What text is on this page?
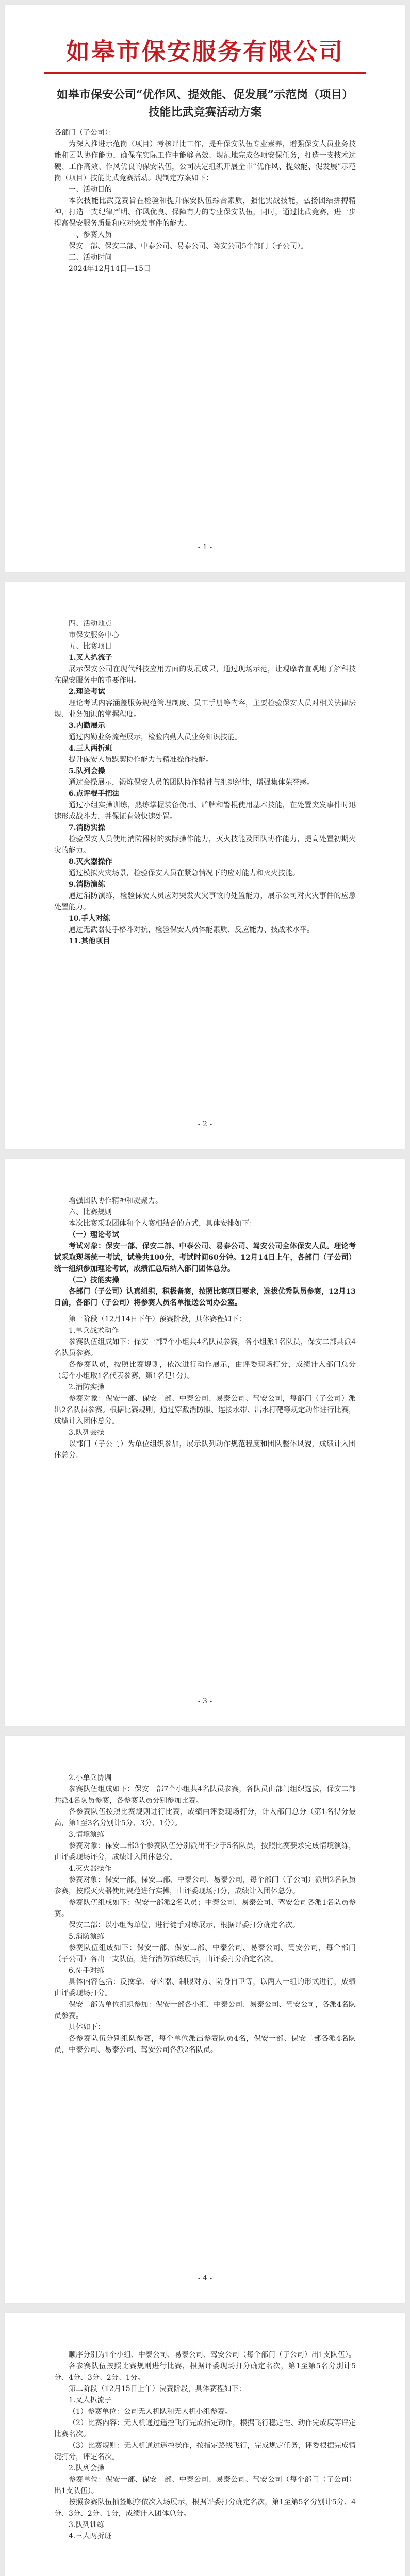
如皋市保安服务有限公司

如皋市保安公司“优作风、提效能、促发展”示范岗（项目）技能比武竞赛活动方案

各部门（子公司）：

为深入推进示范岗（项目）考核评比工作，提升保安队伍专业素养，增强保安人员业务技能和团队协作能力，确保在实际工作中能够高效、规范地完成各项安保任务，打造一支技术过硬、工作高效、作风优良的保安队伍，公司决定组织开展全市“优作风、提效能、促发展”示范岗（项目）技能比武竞赛活动。现制定方案如下：

一、活动目的

本次技能比武竞赛旨在检验和提升保安队伍综合素质，强化实战技能，弘扬团结拼搏精神，打造一支纪律严明、作风优良、保障有力的专业保安队伍，同时，通过比武竞赛，进一步提高保安服务质量和应对突发事件的能力。

二、参赛人员

保安一部、保安二部、中泰公司、易泰公司、驾安公司5个部门（子公司）。

三、活动时间

2024年12月14日—15日

- 1 -

四、活动地点

市保安服务中心

五、比赛项目

1.叉人扒流子

展示保安公司在现代科技应用方面的发展成果，通过现场示范，让观摩者直观地了解科技在保安服务中的重要作用。

2.理论考试

理论考试内容涵盖服务规范管理制度、员工手册等内容，主要检验保安人员对相关法律法规、业务知识的掌握程度。

3.内勤展示

通过内勤业务流程展示，检验内勤人员业务知识技能。

4.三人两折班

提升保安人员默契协作能力与精准操作技能。

5.队列会操

通过会操展示，锻炼保安人员的团队协作精神与组织纪律，增强集体荣誉感。

6.点评棍手把法

通过小组实操训练，熟练掌握装备使用、盾牌和警棍使用基本技能，在处置突发事件时迅速形成战斗力，并保证有效快速处置。

7.消防实操

检验保安人员使用消防器材的实际操作能力，灭火技能及团队协作能力，提高处置初期火灾的能力。

8.灭火器操作

通过模拟火灾场景，检验保安人员在紧急情况下的应对能力和灭火技能。

9.消防演练

通过消防演练，检验保安人员应对突发火灾事故的处置能力，展示公司对火灾事件的应急处置能力。

10.手人对练

通过无武器徒手格斗对抗，检验保安人员体能素质、反应能力、技战术水平。

11.其他项目

- 2 -

增强团队协作精神和凝聚力。

六、比赛规则

本次比赛采取团体和个人赛相结合的方式，具体安排如下：

（一）理论考试

考试对象：保安一部、保安二部、中泰公司、易泰公司、驾安公司全体保安人员。理论考试采取现场统一考试，试卷共100分，考试时间60分钟。12月14日上午，各部门（子公司）统一组织参加理论考试，成绩汇总后纳入部门团体总分。

（二）技能实操

各部门（子公司）认真组织，积极备赛，按照比赛项目要求，选拔优秀队员参赛，12月13日前，各部门（子公司）将参赛人员名单报送公司办公室。

第一阶段（12月14日下午）预赛阶段，具体赛程如下：

1.单兵战术动作

参赛队伍组成如下：保安一部7个小组共4名队员参赛，各小组派1名队员，保安二部共派4名队员参赛。

各参赛队员，按照比赛规则，依次进行动作展示，由评委现场打分，成绩计入部门总分（每个小组取1名代表参赛，第1名记1分）。

2.消防实操

参赛对象：保安一部、保安二部、中泰公司、易泰公司、驾安公司，每部门（子公司）派出2名队员参赛。根据比赛规则，通过穿戴消防服、连接水带、出水打靶等规定动作进行比赛，成绩计入团体总分。

3.队列会操

以部门（子公司）为单位组织参加，展示队列动作规范程度和团队整体风貌，成绩计入团体总分。

- 3 -

2.小单兵协调

参赛队伍组成如下：保安一部7个小组共4名队员参赛，各队员由部门组织选拔，保安二部共派4名队员参赛，各参赛队员分别参加比赛。

各参赛队伍按照比赛规则进行比赛，成绩由评委现场打分，计入部门总分（第1名得分最高，第1至3名分别计5分、3分、1分）。

3.情境演练

参赛对象：保安二部3个参赛队伍分别派出不少于5名队员，按照比赛要求完成情境演练，由评委现场评分，成绩计入团体总分。

4.灭火器操作

参赛对象：保安一部、保安二部、中泰公司、易泰公司，每个部门（子公司）派出2名队员参赛，按照灭火器使用规范进行实操，由评委现场打分，成绩计入团体总分。

参赛队伍组成如下：保安一部派2名队员；中泰公司、易泰公司、驾安公司各派1名队员参赛。

保安二部：以小组为单位，进行徒手对练展示，根据评委打分确定名次。

5.消防演练

参赛队伍组成如下：保安一部、保安二部、中泰公司、易泰公司、驾安公司，每个部门（子公司）各出一支队伍，进行消防演练展示，由评委打分确定名次。

6.徒手对练

具体内容包括：反擒拿、夺凶器、制服对方、防身自卫等，以两人一组的形式进行，成绩由评委现场打分。

保安二部为单位组织参加：保安一部各小组、中泰公司、易泰公司、驾安公司，各派4名队员参赛。

具体如下：

各参赛队伍分别组队参赛，每个单位派出参赛队员4名，保安一部、保安二部各派4名队员，中泰公司、易泰公司、驾安公司各派2名队员。

- 4 -

顺序分别为1个小组、中泰公司、易泰公司、驾安公司（每个部门（子公司）出1支队伍）。

各参赛队伍按照比赛规则进行比赛，根据评委现场打分确定名次，第1至第5名分别计5分、4分、3分、2分、1分。

第二阶段（12月15日上午）决赛阶段，具体赛程如下：

1.叉人扒流子

（1）参赛单位：公司无人机队和无人机小组参赛。

（2）比赛内容：无人机通过遥控飞行完成指定动作，根据飞行稳定性、动作完成度等评定比赛名次。

（3）比赛规则：无人机通过遥控操作，按指定路线飞行，完成规定任务，评委根据完成情况打分，评定名次。

2.队列会操

参赛单位：保安一部、保安二部、中泰公司、易泰公司、驾安公司（每个部门（子公司）出1支队伍）。

按照参赛队伍抽签顺序依次入场展示，根据评委打分确定名次，第1至第5名分别计5分、4分、3分、2分、1分，成绩计入团体总分。

3.队列训练

4.三人两折班
